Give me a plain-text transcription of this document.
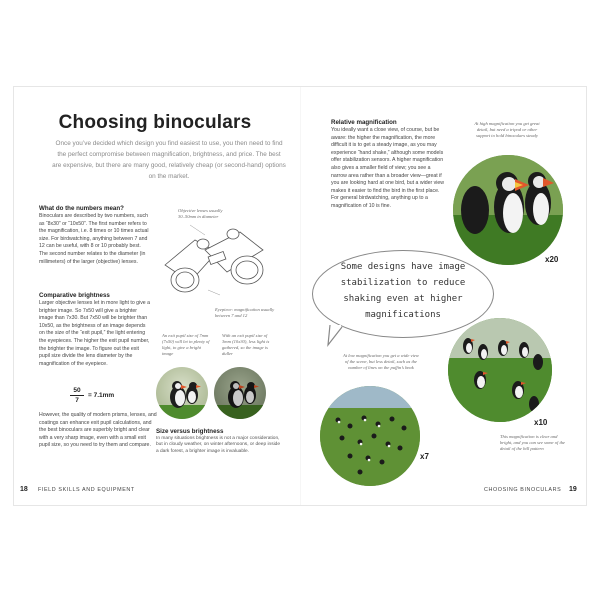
Choosing binoculars
Once you’ve decided which design you find easiest to use, you then need to find the perfect compromise between magnification, brightness, and price. The best are expensive, but there are many good, relatively cheap (or second-hand) options on the market.
What do the numbers mean?
Binoculars are described by two numbers, such as “8x30” or “10x50”. The first number refers to the magnification, i.e. 8 times or 10 times actual size. For birdwatching, anything between 7 and 12 can be useful, with 8 or 10 probably best. The second number relates to the diameter (in millimeters) of the larger (objective) lenses.
Comparative brightness
Larger objective lenses let in more light to give a brighter image. So 7x50 will give a brighter image than 7x30. But 7x50 will be brighter than 10x50, as the brightness of an image depends on the size of the “exit pupil,” the light entering the eyepieces. The higher the exit pupil number, the brighter the image. To figure out the exit pupil size divide the lens diameter by the magnification of the eyepiece.
50
7
= 7.1mm
However, the quality of modern prisms, lenses, and coatings can enhance exit pupil calculations, and the best binoculars are superbly bright and clear with a very sharp image, even with a small exit pupil size, so you need to try them and compare.
Objective lenses usually 30–50mm in diameter
Eyepiece: magnification usually between 7 and 12
An exit pupil size of 7mm (7x50) will let in plenty of light, to give a bright image
With an exit pupil size of 3mm (10x30), less light is gathered, so the image is duller
Size versus brightness
In many situations brightness is not a major consideration, but in cloudy weather, on winter afternoons, or deep inside a dark forest, a brighter image is invaluable.
18 FIELD SKILLS AND EQUIPMENT
Relative magnification
You ideally want a close view, of course, but be aware: the higher the magnification, the more difficult it is to get a steady image, as you may experience “hand shake,” although some models offer stabilization sensors. A higher magnification also gives a smaller field of view; you see a narrow area rather than a broader view—great if you are looking hard at one bird, but a wider view makes it easier to find the bird in the first place. For general birdwatching, anything up to a magnification of 10 is fine.
At high magnification you get great detail, but need a tripod or other support to hold binoculars steady
x20
Some designs have image stabilization to reduce shaking even at higher magnifications
x10
This magnification is clear and bright, and you can see some of the detail of the bill pattern
At low magnification you get a wide view of the scene, but less detail, such as the number of lines on the puffin’s beak
x7
CHOOSING BINOCULARS 19
